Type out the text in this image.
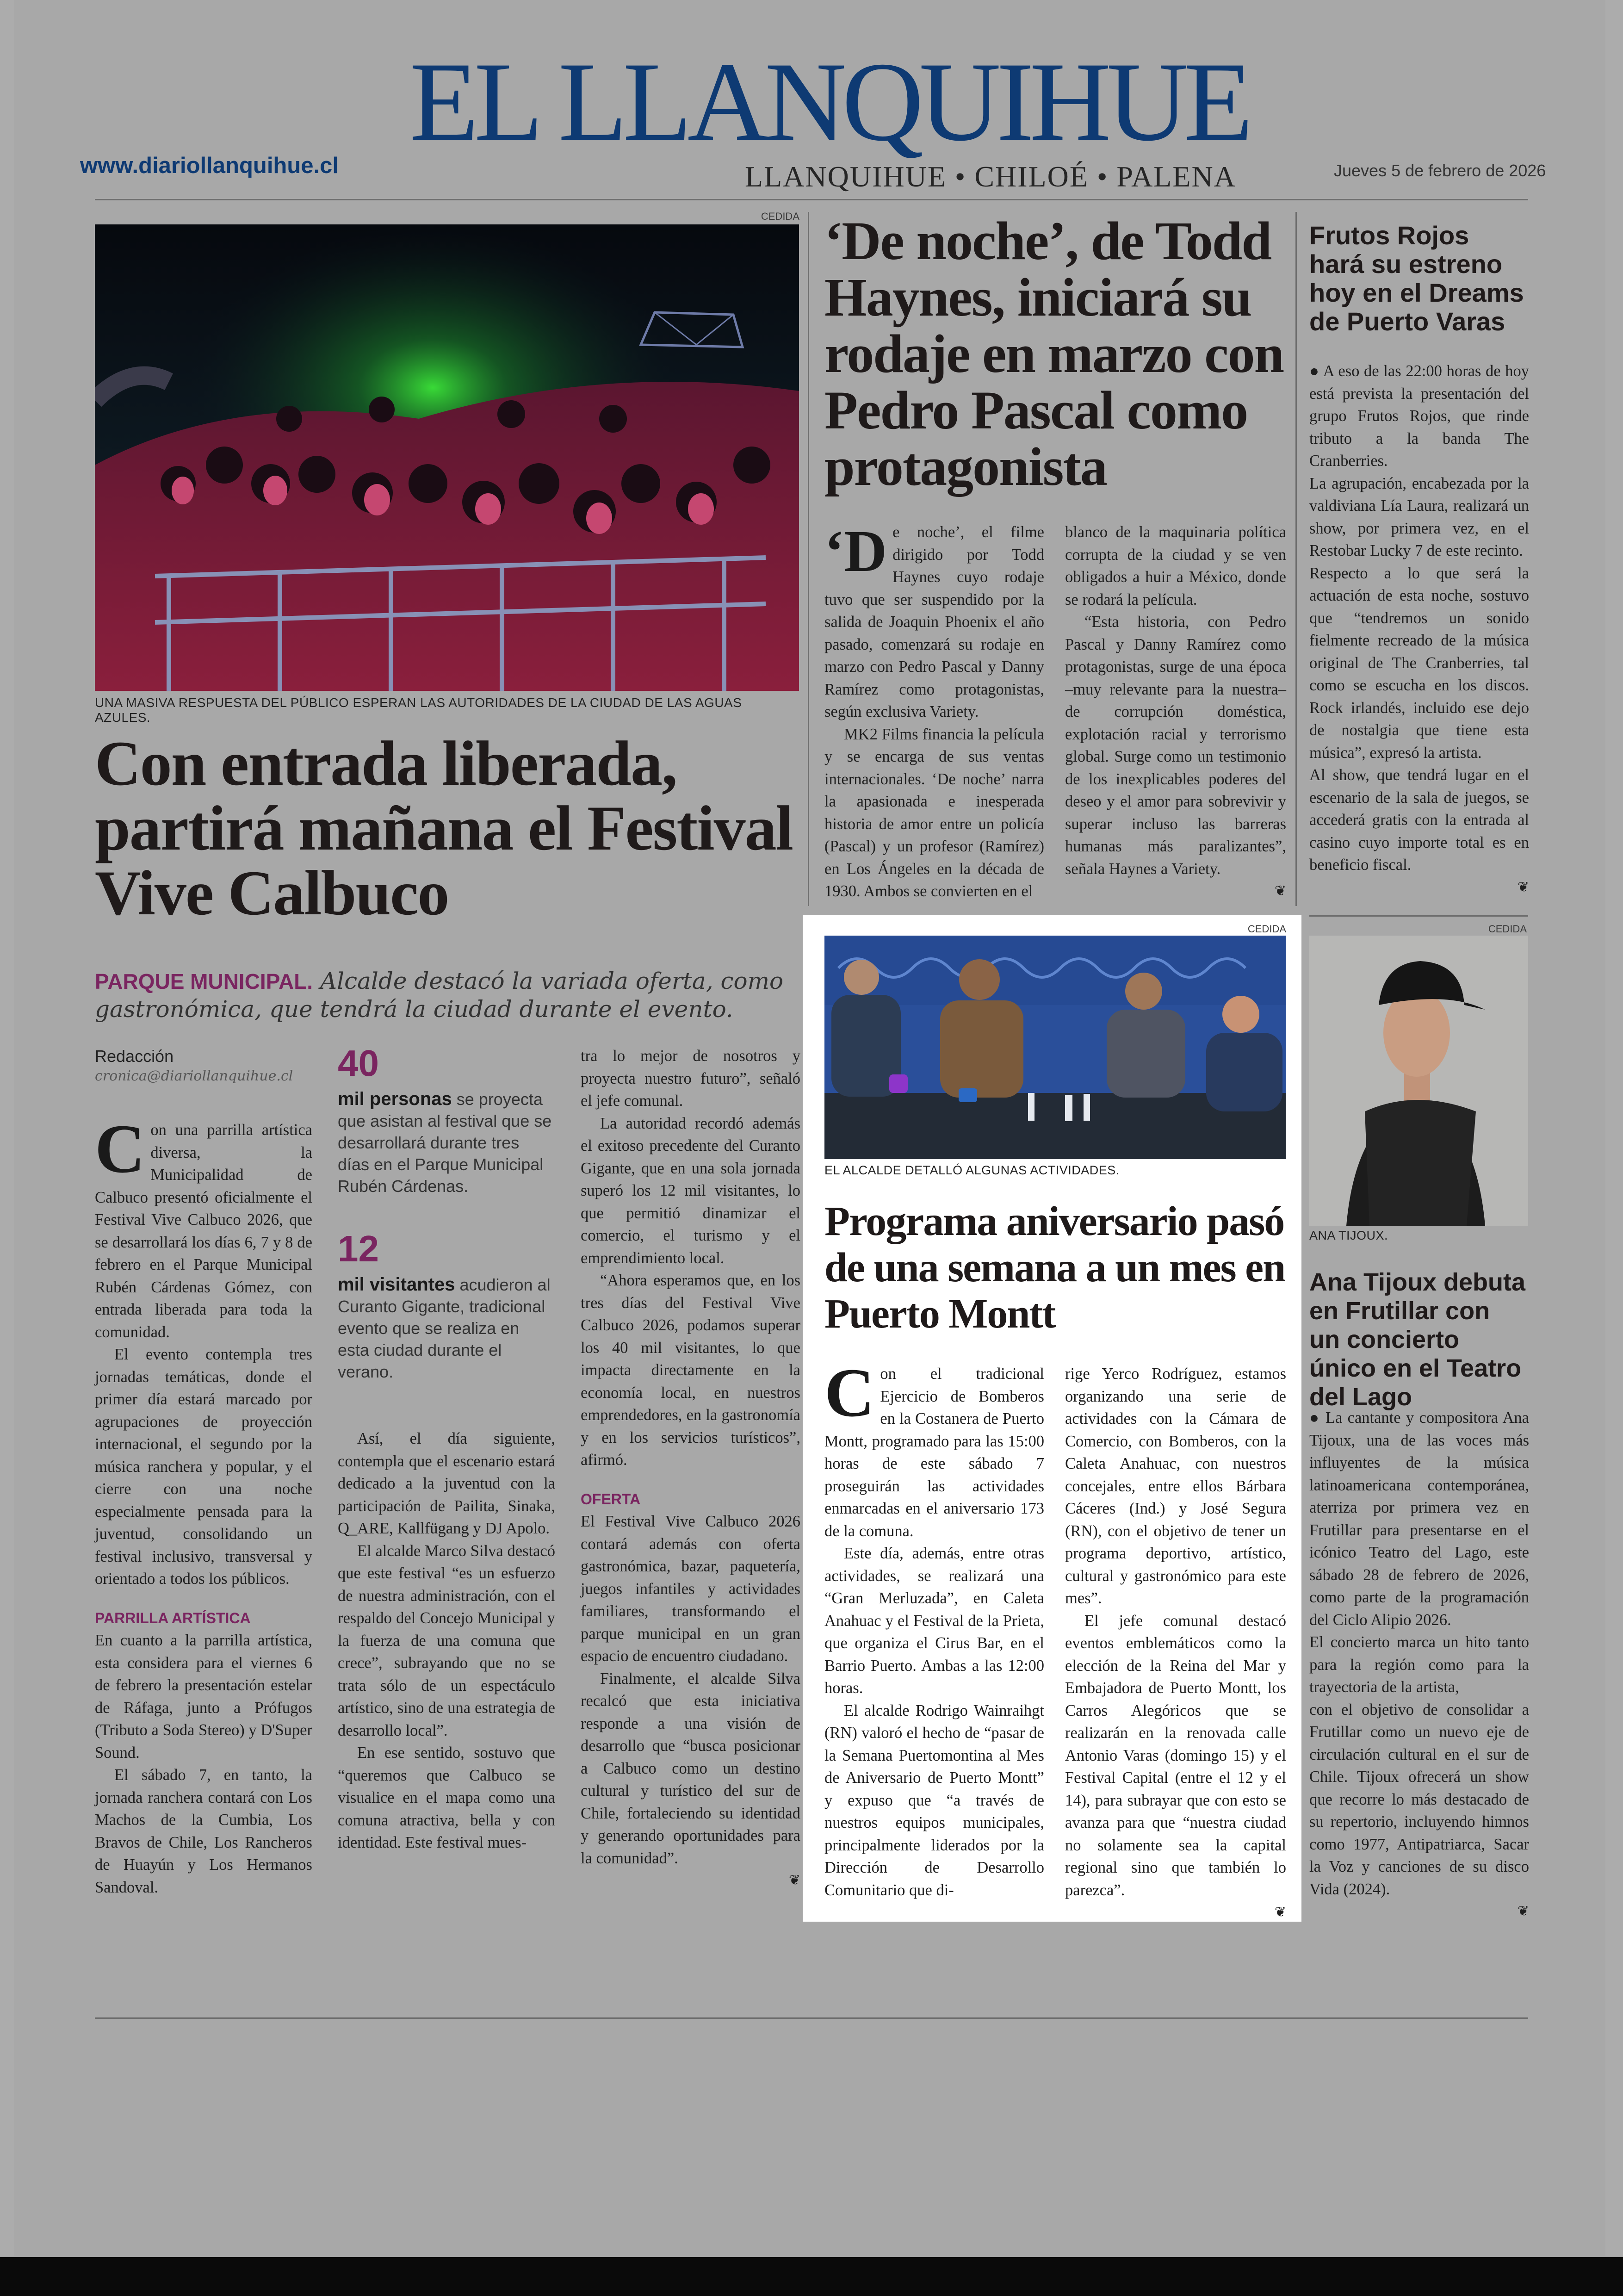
EL LLANQUIHUE
LLANQUIHUE • CHILOÉ • PALENA
www.diariollanquihue.cl	Jueves 5 de febrero de 2026
CEDIDA
UNA MASIVA RESPUESTA DEL PÚBLICO ESPERAN LAS AUTORIDADES DE LA CIUDAD DE LAS AGUAS AZULES.
Con entrada liberada, partirá mañana el Festival Vive Calbuco
PARQUE MUNICIPAL. Alcalde destacó la variada oferta, como gastronómica, que tendrá la ciudad durante el evento.
Redacción
cronica@diariollanquihue.cl

Con una parrilla artística diversa, la Municipalidad de Calbuco presentó oficialmente el Festival Vive Calbuco 2026, que se desarrollará los días 6, 7 y 8 de febrero en el Parque Municipal Rubén Cárdenas Gómez, con entrada liberada para toda la comunidad.

El evento contempla tres jornadas temáticas, donde el primer día estará marcado por agrupaciones de proyección internacional, el segundo por la música ranchera y popular, y el cierre con una noche especialmente pensada para la juventud, consolidando un festival inclusivo, transversal y orientado a todos los públicos.

PARRILLA ARTÍSTICA

En cuanto a la parrilla artística, esta considera para el viernes 6 de febrero la presentación estelar de Ráfaga, junto a Prófugos (Tributo a Soda Stereo) y D'Super Sound.

El sábado 7, en tanto, la jornada ranchera contará con Los Machos de la Cumbia, Los Bravos de Chile, Los Rancheros de Huayún y Los Hermanos Sandoval.

40
mil personas se proyecta que asistan al festival que se desarrollará durante tres días en el Parque Municipal Rubén Cárdenas.
12
mil visitantes acudieron al Curanto Gigante, tradicional evento que se realiza en esta ciudad durante el verano.

Así, el día siguiente, contempla que el escenario estará dedicado a la juventud con la participación de Pailita, Sinaka, Q_ARE, Kallfügang y DJ Apolo.

El alcalde Marco Silva destacó que este festival “es un esfuerzo de nuestra administración, con el respaldo del Concejo Municipal y la fuerza de una comuna que crece”, subrayando que no se trata sólo de un espectáculo artístico, sino de una estrategia de desarrollo local”.

En ese sentido, sostuvo que “queremos que Calbuco se visualice en el mapa como una comuna atractiva, bella y con identidad. Este festival mues-

tra lo mejor de nosotros y proyecta nuestro futuro”, señaló el jefe comunal.

La autoridad recordó además el exitoso precedente del Curanto Gigante, que en una sola jornada superó los 12 mil visitantes, lo que permitió dinamizar el comercio, el turismo y el emprendimiento local.

“Ahora esperamos que, en los tres días del Festival Vive Calbuco 2026, podamos superar los 40 mil visitantes, lo que impacta directamente en la economía local, en nuestros emprendedores, en la gastronomía y en los servicios turísticos”, afirmó.

OFERTA

El Festival Vive Calbuco 2026 contará además con oferta gastronómica, bazar, paquetería, juegos infantiles y actividades familiares, transformando el parque municipal en un gran espacio de encuentro ciudadano.

Finalmente, el alcalde Silva recalcó que esta iniciativa responde a una visión de desarrollo que “busca posicionar a Calbuco como un destino cultural y turístico del sur de Chile, fortaleciendo su identidad y generando oportunidades para la comunidad”.

❦
‘De noche’, de Todd Haynes, iniciará su rodaje en marzo con Pedro Pascal como protagonista

‘De noche’, el filme dirigido por Todd Haynes cuyo rodaje tuvo que ser suspendido por la salida de Joaquin Phoenix el año pasado, comenzará su rodaje en marzo con Pedro Pascal y Danny Ramírez como protagonistas, según exclusiva Variety.

MK2 Films financia la película y se encarga de sus ventas internacionales. ‘De noche’ narra la apasionada e inesperada historia de amor entre un policía (Pascal) y un profesor (Ramírez) en Los Ángeles en la década de 1930. Ambos se convierten en el

blanco de la maquinaria política corrupta de la ciudad y se ven obligados a huir a México, donde se rodará la película.

“Esta historia, con Pedro Pascal y Danny Ramírez como protagonistas, surge de una época –muy relevante para la nuestra– de corrupción doméstica, explotación racial y terrorismo global. Surge como un testimonio de los inexplicables poderes del deseo y el amor para sobrevivir y superar incluso las barreras humanas más paralizantes”, señala Haynes a Variety.

❦
Frutos Rojos hará su estreno hoy en el Dreams de Puerto Varas

● A eso de las 22:00 horas de hoy está prevista la presentación del grupo Frutos Rojos, que rinde tributo a la banda The Cranberries.

La agrupación, encabezada por la valdiviana Lía Laura, realizará un show, por primera vez, en el Restobar Lucky 7 de este recinto.

Respecto a lo que será la actuación de esta noche, sostuvo que “tendremos un sonido fielmente recreado de la música original de The Cranberries, tal como se escucha en los discos. Rock irlandés, incluido ese dejo de nostalgia que tiene esta música”, expresó la artista.

Al show, que tendrá lugar en el escenario de la sala de juegos, se accederá gratis con la entrada al casino cuyo importe total es en beneficio fiscal.

❦
CEDIDA
EL ALCALDE DETALLÓ ALGUNAS ACTIVIDADES.
Programa aniversario pasó de una semana a un mes en Puerto Montt

Con el tradicional Ejercicio de Bomberos en la Costanera de Puerto Montt, programado para las 15:00 horas de este sábado 7 proseguirán las actividades enmarcadas en el aniversario 173 de la comuna.

Este día, además, entre otras actividades, se realizará una “Gran Merluzada”, en Caleta Anahuac y el Festival de la Prieta, que organiza el Cirus Bar, en el Barrio Puerto. Ambas a las 12:00 horas.

El alcalde Rodrigo Wainraihgt (RN) valoró el hecho de “pasar de la Semana Puertomontina al Mes de Aniversario de Puerto Montt” y expuso que “a través de nuestros equipos municipales, principalmente liderados por la Dirección de Desarrollo Comunitario que di-

rige Yerco Rodríguez, estamos organizando una serie de actividades con la Cámara de Comercio, con Bomberos, con la Caleta Anahuac, con nuestros concejales, entre ellos Bárbara Cáceres (Ind.) y José Segura (RN), con el objetivo de tener un programa deportivo, artístico, cultural y gastronómico para este mes”.

El jefe comunal destacó eventos emblemáticos como la elección de la Reina del Mar y Embajadora de Puerto Montt, los Carros Alegóricos que se realizarán en la renovada calle Antonio Varas (domingo 15) y el Festival Capital (entre el 12 y el 14), para subrayar que con esto se avanza para que “nuestra ciudad no solamente sea la capital regional sino que también lo parezca”.

❦
CEDIDA
ANA TIJOUX.
Ana Tijoux debuta en Frutillar con un concierto único en el Teatro del Lago

● La cantante y compositora Ana Tijoux, una de las voces más influyentes de la música latinoamericana contemporánea, aterriza por primera vez en Frutillar para presentarse en el icónico Teatro del Lago, este sábado 28 de febrero de 2026, como parte de la programación del Ciclo Alipio 2026.

El concierto marca un hito tanto para la región como para la trayectoria de la artista,

con el objetivo de consolidar a Frutillar como un nuevo eje de circulación cultural en el sur de Chile. Tijoux ofrecerá un show que recorre lo más destacado de su repertorio, incluyendo himnos como 1977, Antipatriarca, Sacar la Voz y canciones de su disco Vida (2024).

❦
